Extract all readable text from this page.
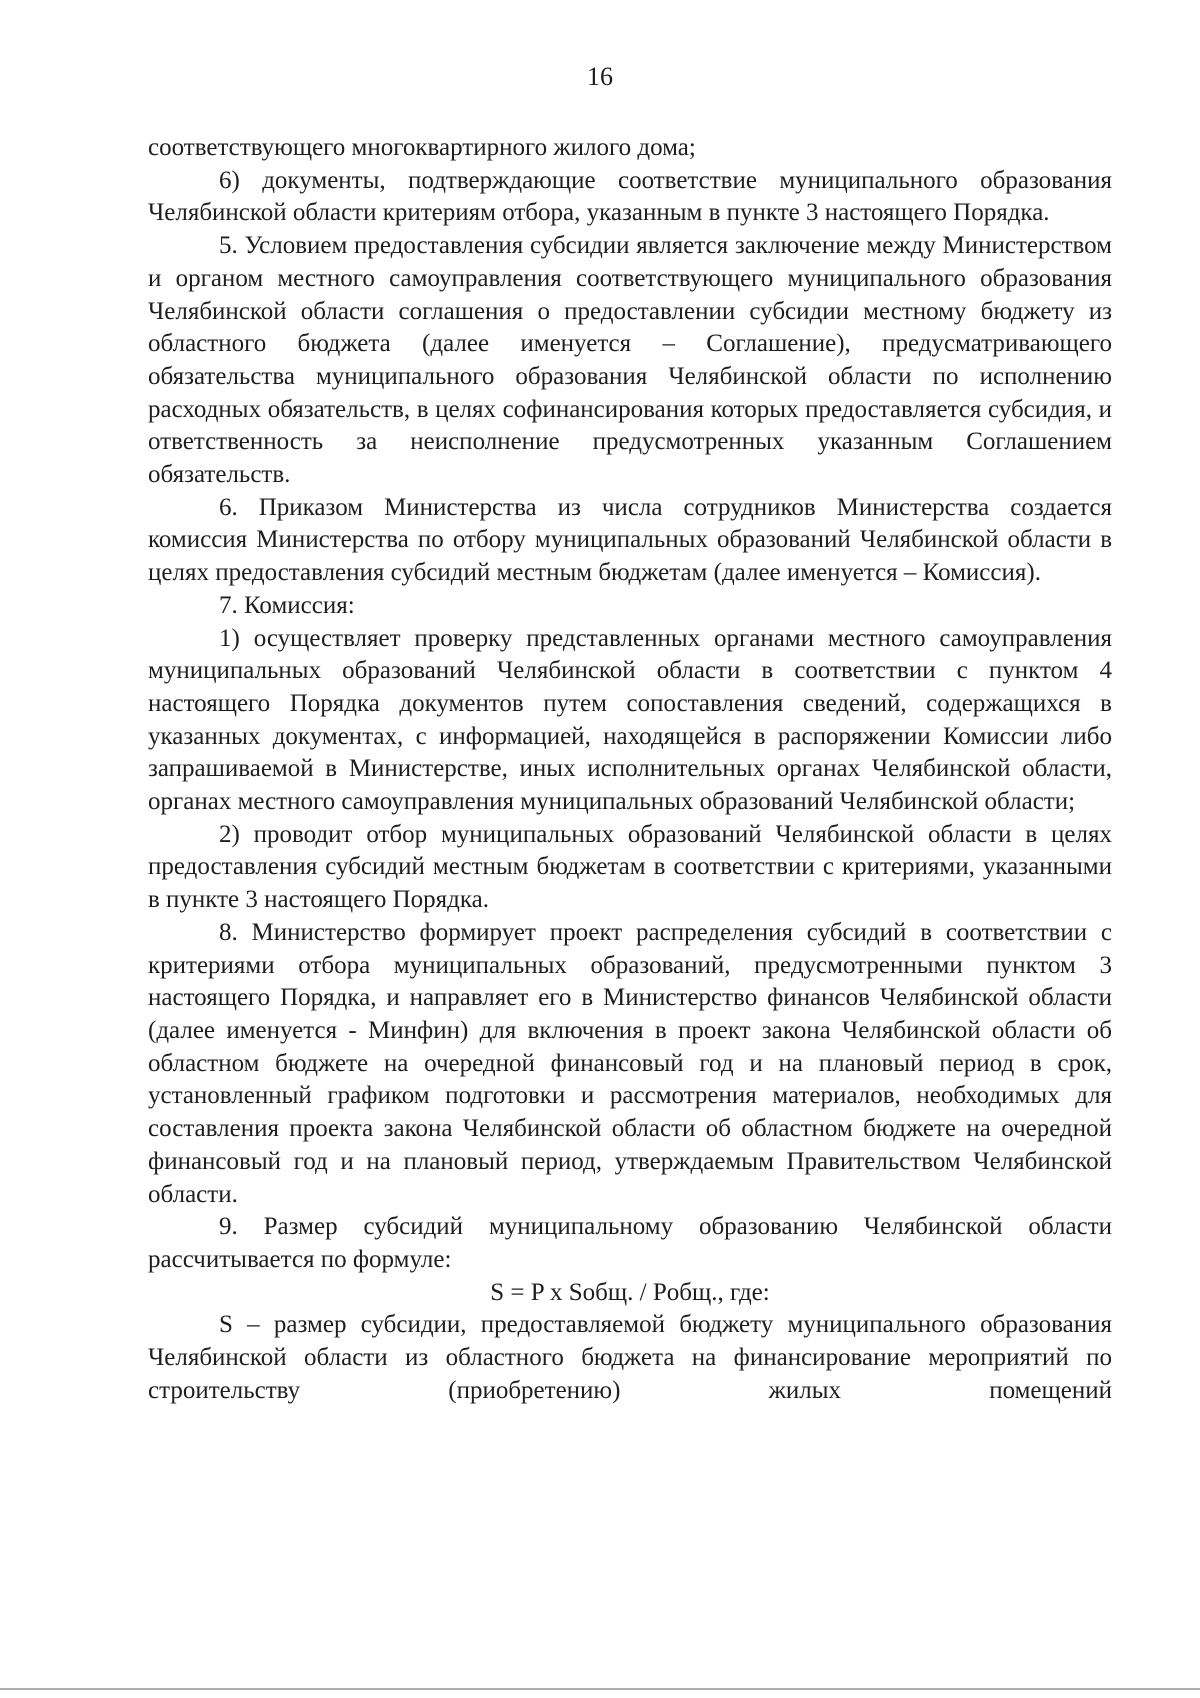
16

соответствующего многоквартирного жилого дома;

6) документы, подтверждающие соответствие муниципального образования Челябинской области критериям отбора, указанным в пункте 3 настоящего Порядка.

5. Условием предоставления субсидии является заключение между Министерством и органом местного самоуправления соответствующего муниципального образования Челябинской области соглашения о предоставлении субсидии местному бюджету из областного бюджета (далее именуется – Соглашение), предусматривающего обязательства муниципального образования Челябинской области по исполнению расходных обязательств, в целях софинансирования которых предоставляется субсидия, и ответственность за неисполнение предусмотренных указанным Соглашением обязательств.

6. Приказом Министерства из числа сотрудников Министерства создается комиссия Министерства по отбору муниципальных образований Челябинской области в целях предоставления субсидий местным бюджетам (далее именуется – Комиссия).

7. Комиссия:

1) осуществляет проверку представленных органами местного самоуправления муниципальных образований Челябинской области в соответствии с пунктом 4 настоящего Порядка документов путем сопоставления сведений, содержащихся в указанных документах, с информацией, находящейся в распоряжении Комиссии либо запрашиваемой в Министерстве, иных исполнительных органах Челябинской области, органах местного самоуправления муниципальных образований Челябинской области;

2) проводит отбор муниципальных образований Челябинской области в целях предоставления субсидий местным бюджетам в соответствии с критериями, указанными в пункте 3 настоящего Порядка.

8. Министерство формирует проект распределения субсидий в соответствии с критериями отбора муниципальных образований, предусмотренными пунктом 3 настоящего Порядка, и направляет его в Министерство финансов Челябинской области (далее именуется - Минфин) для включения в проект закона Челябинской области об областном бюджете на очередной финансовый год и на плановый период в срок, установленный графиком подготовки и рассмотрения материалов, необходимых для составления проекта закона Челябинской области об областном бюджете на очередной финансовый год и на плановый период, утверждаемым Правительством Челябинской области.

9. Размер субсидий муниципальному образованию Челябинской области рассчитывается по формуле:

S = P x Sобщ. / Pобщ., где:

S – размер субсидии, предоставляемой бюджету муниципального образования Челябинской области из областного бюджета на финансирование мероприятий по строительству (приобретению) жилых помещений
